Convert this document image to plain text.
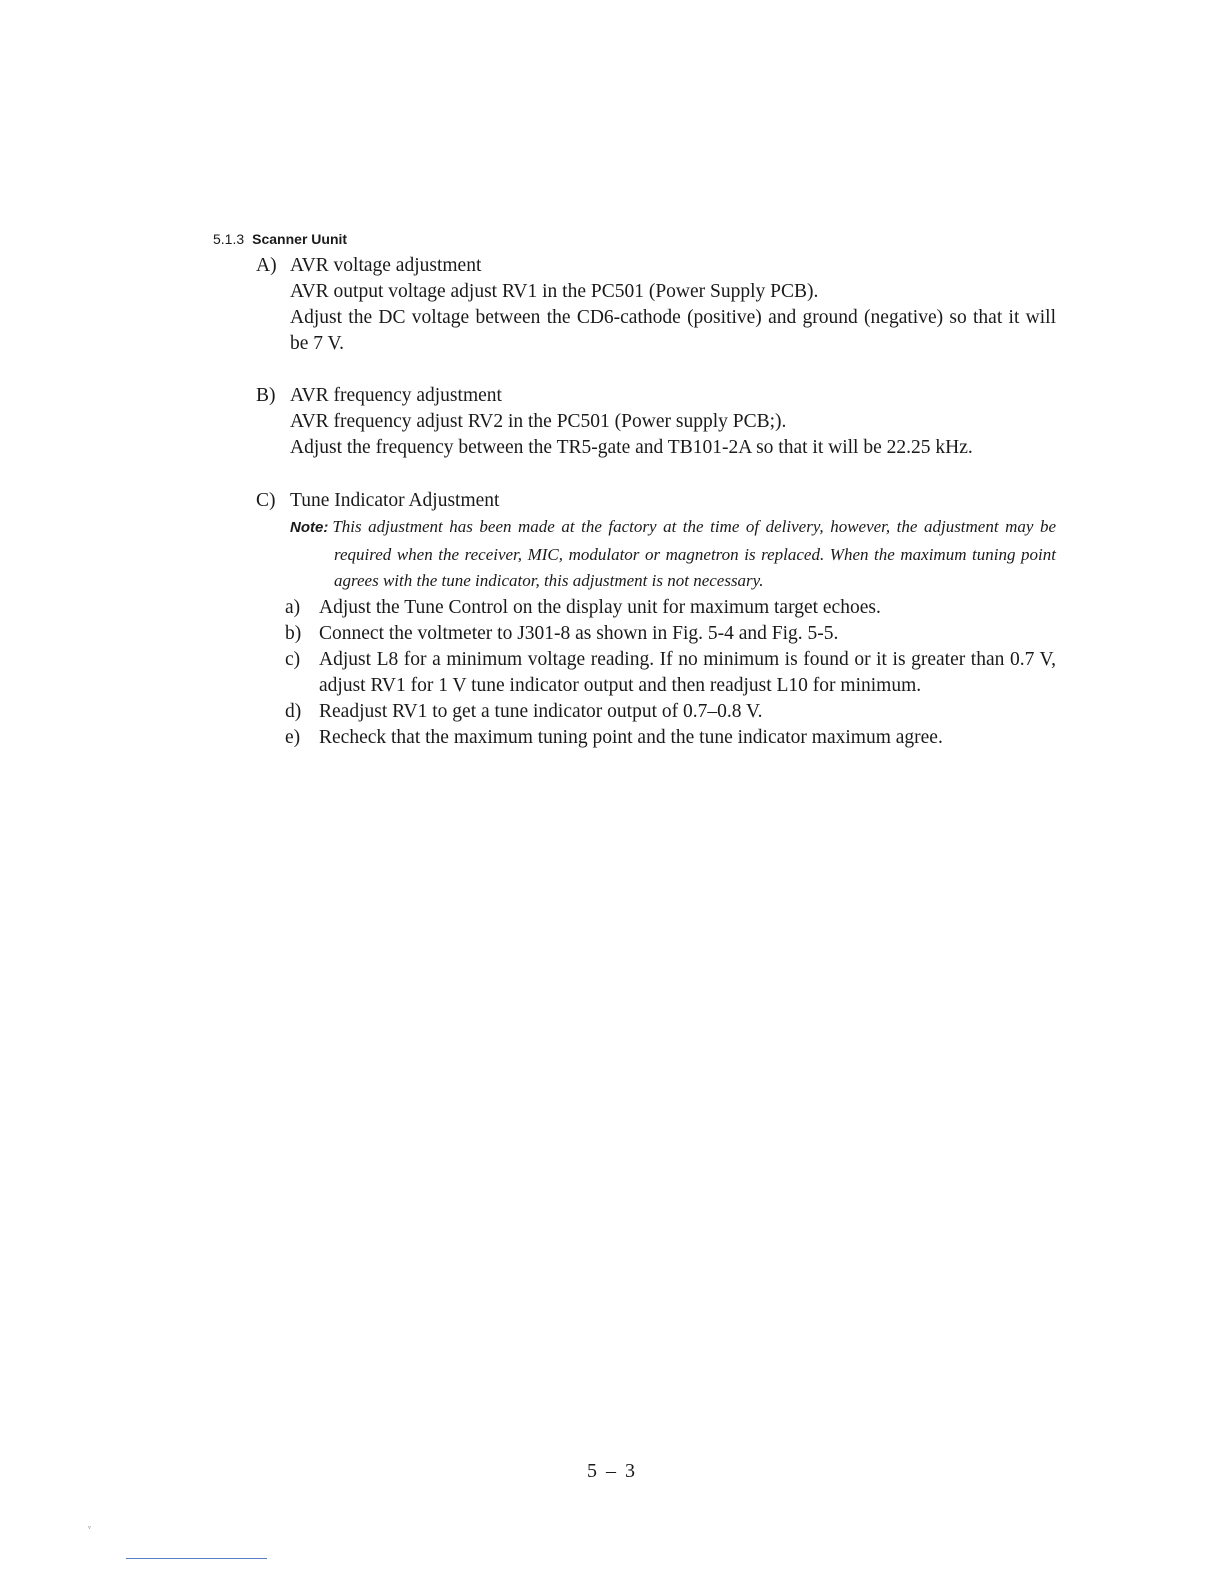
5.1.3 Scanner Uunit
A) AVR voltage adjustment
AVR output voltage adjust RV1 in the PC501 (Power Supply PCB).
Adjust the DC voltage between the CD6-cathode (positive) and ground (negative) so that it will be 7 V.
B) AVR frequency adjustment
AVR frequency adjust RV2 in the PC501 (Power supply PCB;).
Adjust the frequency between the TR5-gate and TB101-2A so that it will be 22.25 kHz.
C) Tune Indicator Adjustment
Note: This adjustment has been made at the factory at the time of delivery, however, the adjustment may be required when the receiver, MIC, modulator or magnetron is replaced. When the maximum tuning point agrees with the tune indicator, this adjustment is not necessary.
a) Adjust the Tune Control on the display unit for maximum target echoes.
b) Connect the voltmeter to J301-8 as shown in Fig. 5-4 and Fig. 5-5.
c) Adjust L8 for a minimum voltage reading. If no minimum is found or it is greater than 0.7 V, adjust RV1 for 1 V tune indicator output and then readjust L10 for minimum.
d) Readjust RV1 to get a tune indicator output of 0.7–0.8 V.
e) Recheck that the maximum tuning point and the tune indicator maximum agree.
5 – 3
ᵥ
